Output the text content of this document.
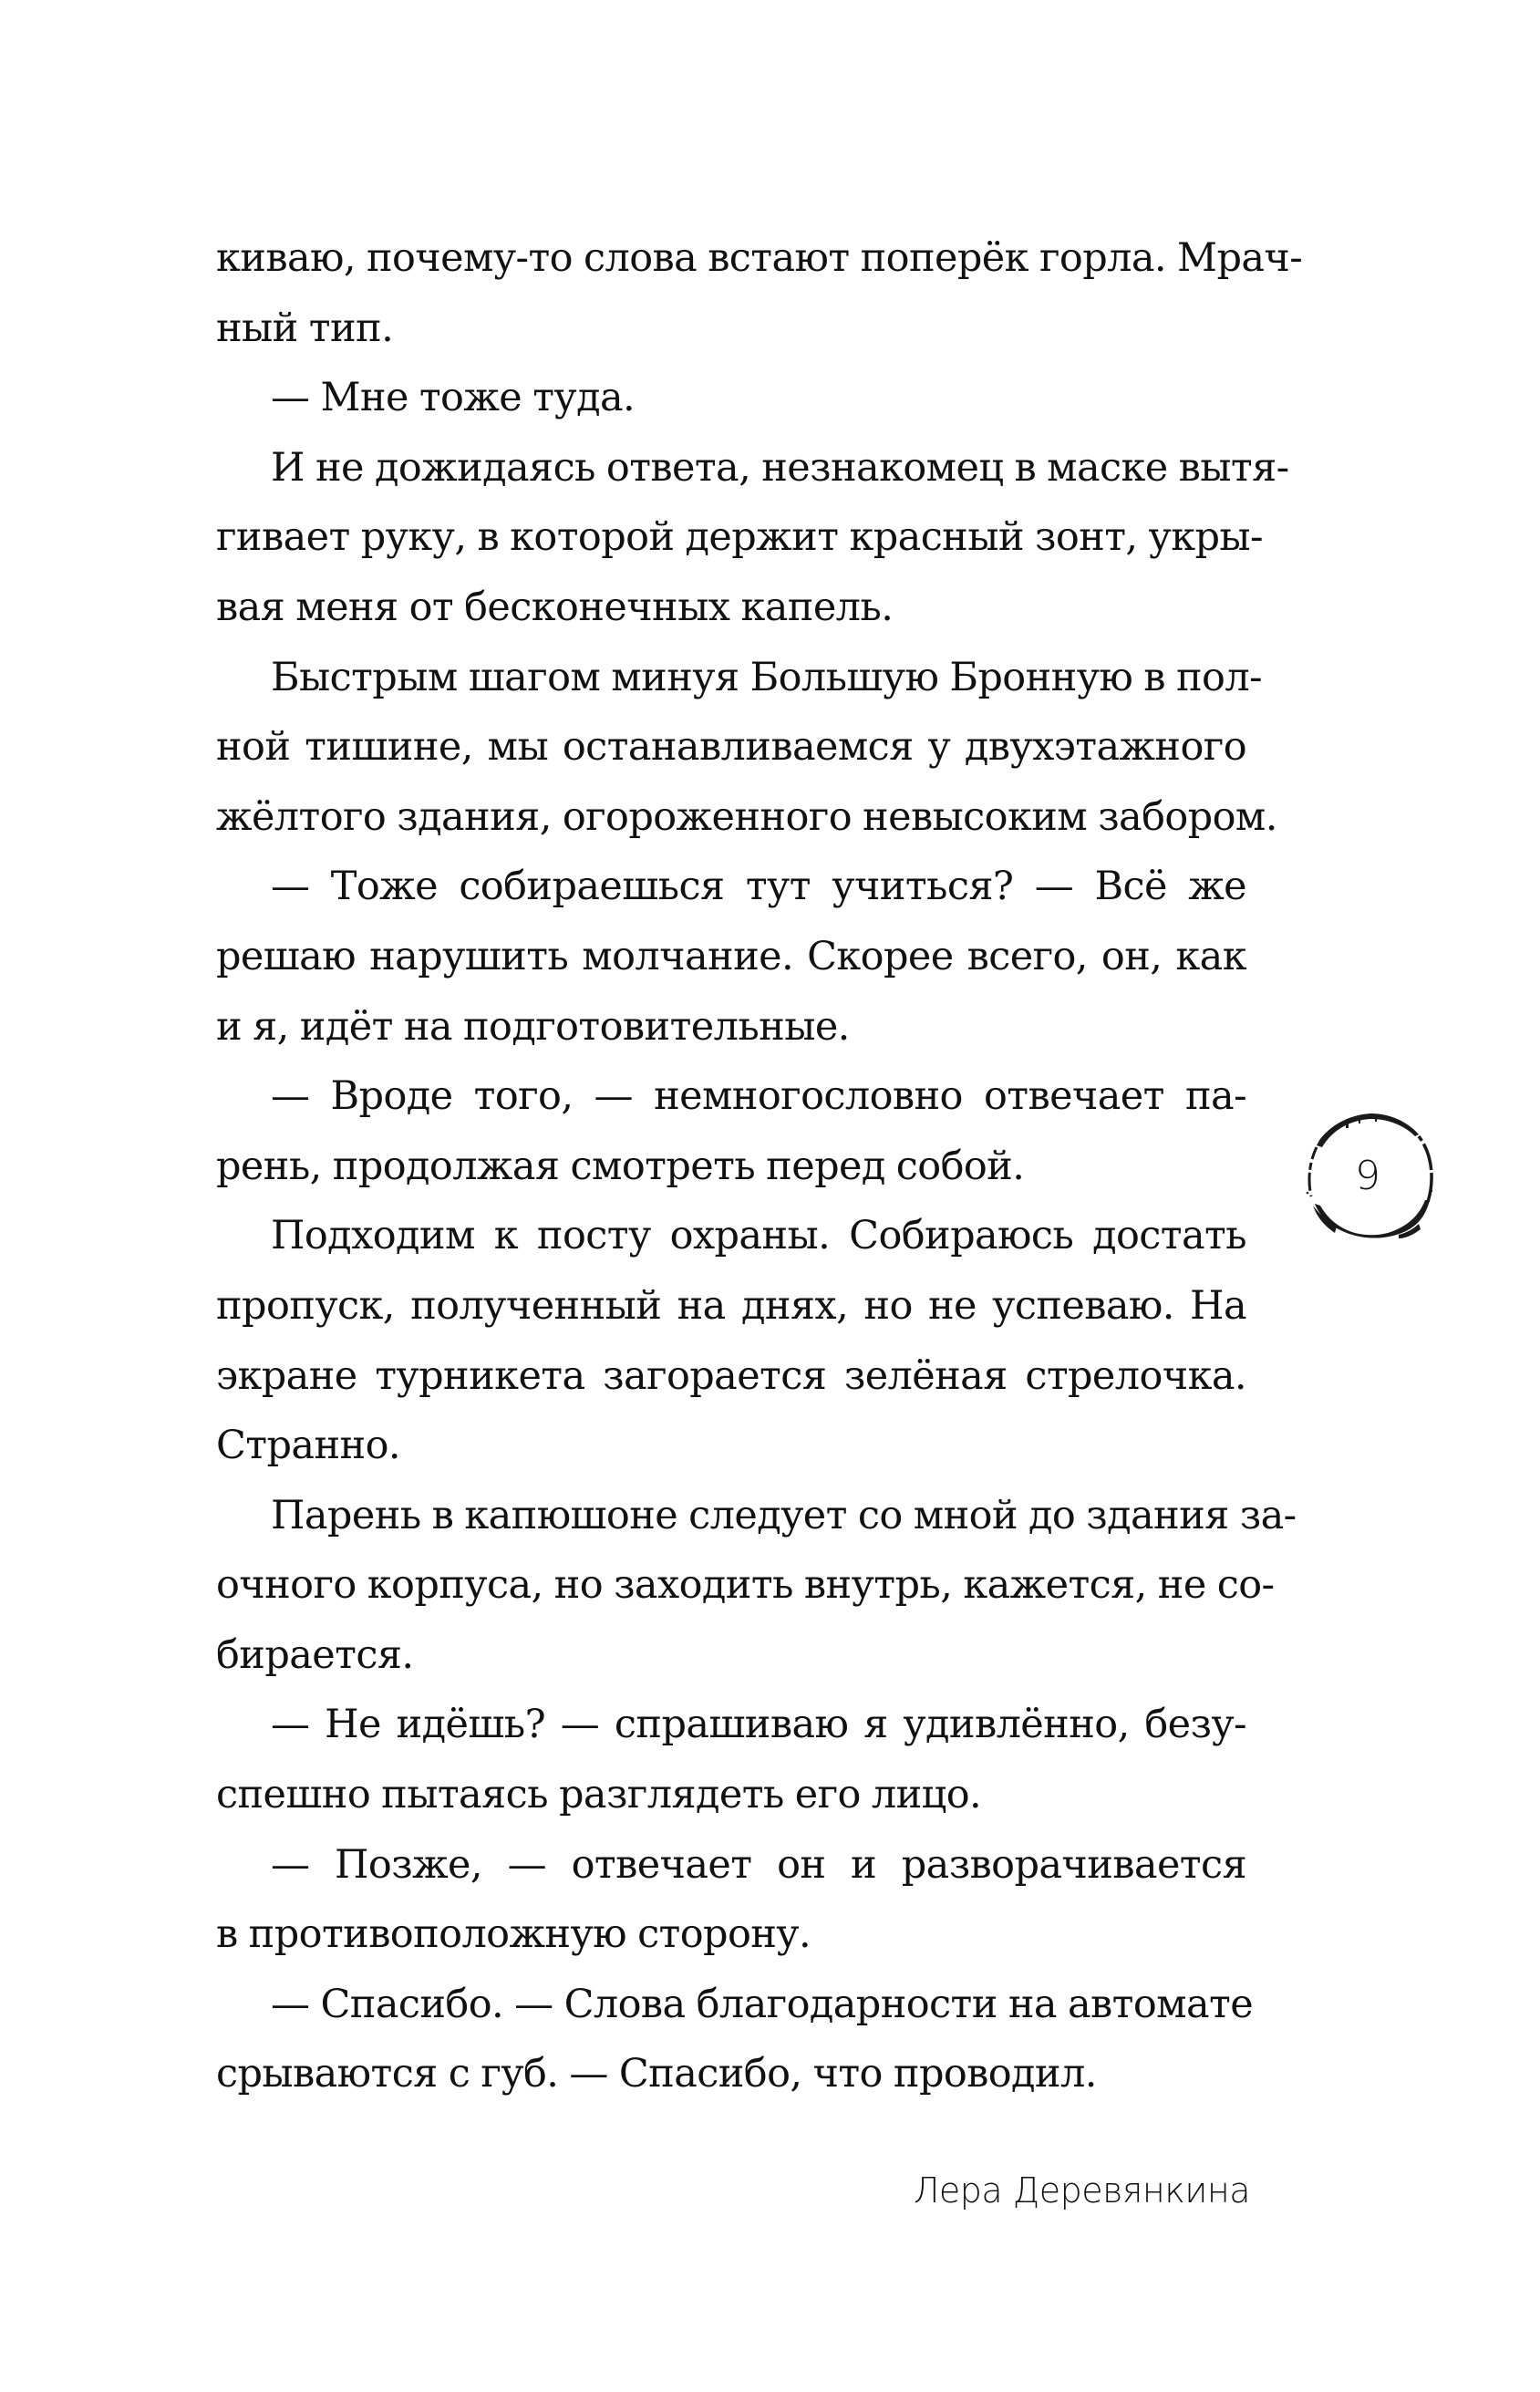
киваю, почему-то слова встают поперёк горла. Мрач-
ный тип.
— Мне тоже туда.
И не дожидаясь ответа, незнакомец в маске вытя-
гивает руку, в которой держит красный зонт, укры-
вая меня от бесконечных капель.
Быстрым шагом минуя Большую Бронную в пол-
ной тишине, мы останавливаемся у двухэтажного
жёлтого здания, огороженного невысоким забором.
— Тоже собираешься тут учиться? — Всё же
решаю нарушить молчание. Скорее всего, он, как
и я, идёт на подготовительные.
— Вроде того, — немногословно отвечает па-
рень, продолжая смотреть перед собой.
Подходим к посту охраны. Собираюсь достать
пропуск, полученный на днях, но не успеваю. На
экране турникета загорается зелёная стрелочка.
Странно.
Парень в капюшоне следует со мной до здания за-
очного корпуса, но заходить внутрь, кажется, не со-
бирается.
— Не идёшь? — спрашиваю я удивлённо, безу-
спешно пытаясь разглядеть его лицо.
— Позже, — отвечает он и разворачивается
в противоположную сторону.
— Спасибо. — Слова благодарности на автомате
срываются с губ. — Спасибо, что проводил.
9
Лера Деревянкина
